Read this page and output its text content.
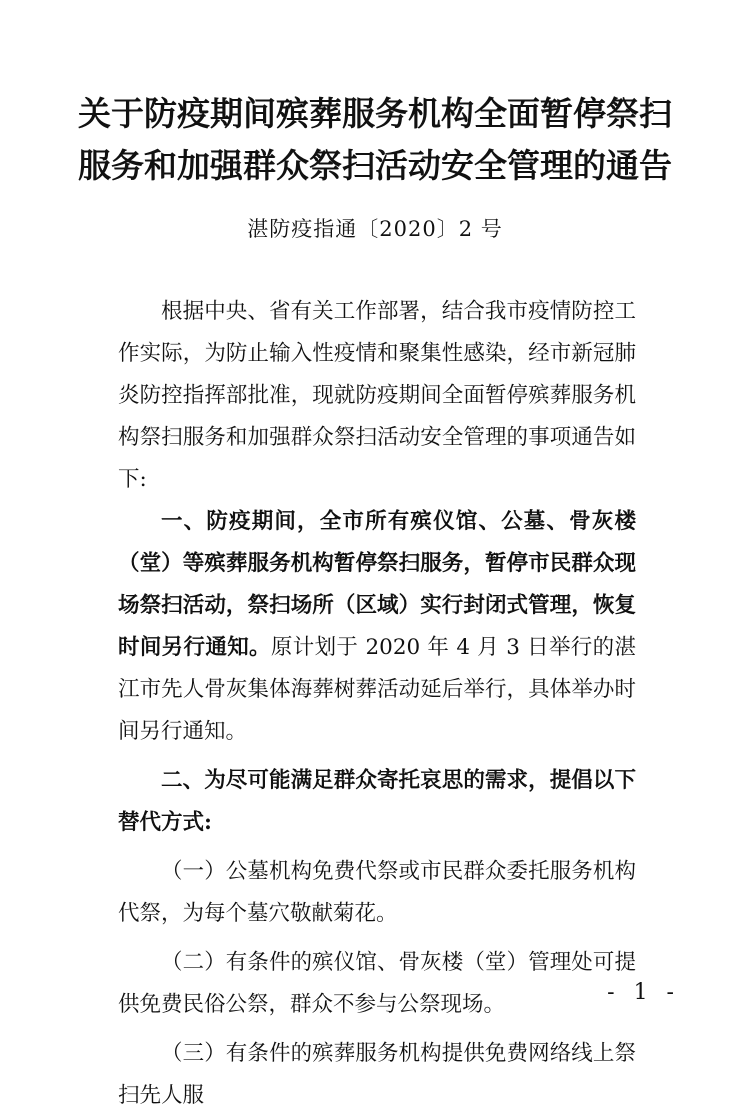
关于防疫期间殡葬服务机构全面暂停祭扫
服务和加强群众祭扫活动安全管理的通告
湛防疫指通〔2020〕2 号

根据中央、省有关工作部署，结合我市疫情防控工作实际，为防止输入性疫情和聚集性感染，经市新冠肺炎防控指挥部批准，现就防疫期间全面暂停殡葬服务机构祭扫服务和加强群众祭扫活动安全管理的事项通告如下:

一、防疫期间，全市所有殡仪馆、公墓、骨灰楼（堂）等殡葬服务机构暂停祭扫服务，暂停市民群众现场祭扫活动，祭扫场所（区域）实行封闭式管理，恢复时间另行通知。原计划于 2020 年 4 月 3 日举行的湛江市先人骨灰集体海葬树葬活动延后举行，具体举办时间另行通知。

二、为尽可能满足群众寄托哀思的需求，提倡以下替代方式:

（一）公墓机构免费代祭或市民群众委托服务机构代祭，为每个墓穴敬献菊花。

（二）有条件的殡仪馆、骨灰楼（堂）管理处可提供免费民俗公祭，群众不参与公祭现场。

（三）有条件的殡葬服务机构提供免费网络线上祭扫先人服

- 1 -
